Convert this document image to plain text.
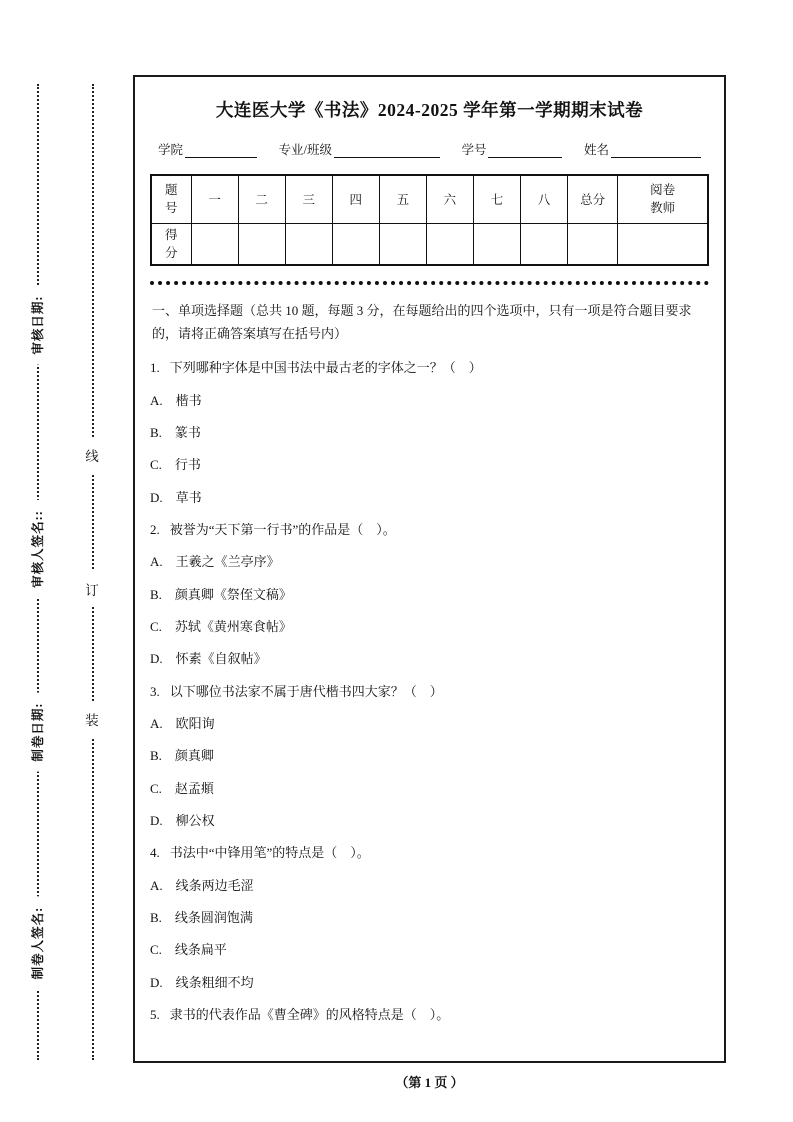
审核日期:
审核人签名::
制卷日期:
制卷人签名:
线
订
装
大连医大学《书法》2024-2025 学年第一学期期末试卷
学院	专业/班级	学号	姓名
题号	一	二	三	四	五	六	七	八	总分	阅卷教师
得分										

一、单项选择题（总共 10 题，每题 3 分，在每题给出的四个选项中，只有一项是符合题目要求的，请将正确答案填写在括号内）

1. 下列哪种字体是中国书法中最古老的字体之一？（　）
A.　楷书
B.　篆书
C.　行书
D.　草书
2. 被誉为“天下第一行书”的作品是（　）。
A.　王羲之《兰亭序》
B.　颜真卿《祭侄文稿》
C.　苏轼《黄州寒食帖》
D.　怀素《自叙帖》
3. 以下哪位书法家不属于唐代楷书四大家？（　）
A.　欧阳询
B.　颜真卿
C.　赵孟頫
D.　柳公权
4. 书法中“中锋用笔”的特点是（　）。
A.　线条两边毛涩
B.　线条圆润饱满
C.　线条扁平
D.　线条粗细不均
5. 隶书的代表作品《曹全碑》的风格特点是（　）。
（第 1 页 ）
